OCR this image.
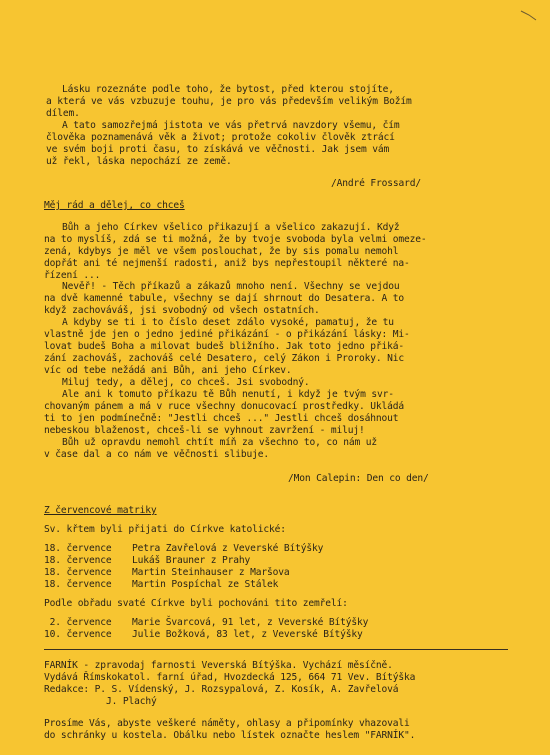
Lásku rozeznáte podle toho, že bytost, před kterou stojíte,
a která ve vás vzbuzuje touhu, je pro vás především velikým Božím
dílem.
A tato samozřejmá jistota ve vás přetrvá navzdory všemu, čím
člověka poznamenává věk a život; protože cokoliv člověk ztrácí
ve svém boji proti času, to získává ve věčnosti. Jak jsem vám
už řekl, láska nepochází ze země.
/André Frossard/
Měj rád a dělej, co chceš
Bůh a jeho Církev všelico přikazují a všelico zakazují. Když
na to myslíš, zdá se ti možná, že by tvoje svoboda byla velmi omeze-
zená, kdybys je měl ve všem poslouchat, že by sis pomalu nemohl
dopřát ani té nejmenší radosti, aniž bys nepřestoupil některé na-
řízení ...
Nevěř! - Těch příkazů a zákazů mnoho není. Všechny se vejdou
na dvě kamenné tabule, všechny se dají shrnout do Desatera. A to
když zachováváš, jsi svobodný od všech ostatních.
A kdyby se ti i to číslo deset zdálo vysoké, pamatuj, že tu
vlastně jde jen o jedno jediné přikázání - o přikázání lásky: Mi-
lovat budeš Boha a milovat budeš bližního. Jak toto jedno přiká-
zání zachováš, zachováš celé Desatero, celý Zákon i Proroky. Nic
víc od tebe nežádá ani Bůh, ani jeho Církev.
Miluj tedy, a dělej, co chceš. Jsi svobodný.
Ale ani k tomuto příkazu tě Bůh nenutí, i když je tvým svr-
chovaným pánem a má v ruce všechny donucovací prostředky. Ukládá
ti to jen podmínečně: "Jestli chceš ..." Jestli chceš dosáhnout
nebeskou blaženost, chceš-li se vyhnout zavržení - miluj!
Bůh už opravdu nemohl chtít míň za všechno to, co nám už
v čase dal a co nám ve věčnosti slibuje.
/Mon Calepin: Den co den/
Z červencové matriky
Sv. křtem byli přijati do Církve katolické:
18. července Petra Zavřelová z Veverské Bítýšky
18. července Lukáš Brauner z Prahy
18. července Martin Steinhauser z Maršova
18. července Martin Pospíchal ze Stálek
Podle obřadu svaté Církve byli pochováni tito zemřelí:
2. července Marie Švarcová, 91 let, z Veverské Bítýšky
10. července Julie Božková, 83 let, z Veverské Bítýšky
FARNÍK - zpravodaj farnosti Veverská Bítýška. Vychází měsíčně.
Vydává Římskokatol. farní úřad, Hvozdecká 125, 664 71 Vev. Bítýška
Redakce: P. S. Vídenský, J. Rozsypalová, Z. Kosík, A. Zavřelová
J. Plachý
Prosíme Vás, abyste veškeré náměty, ohlasy a připomínky vhazovali
do schránky u kostela. Obálku nebo lístek označte heslem "FARNÍK".
